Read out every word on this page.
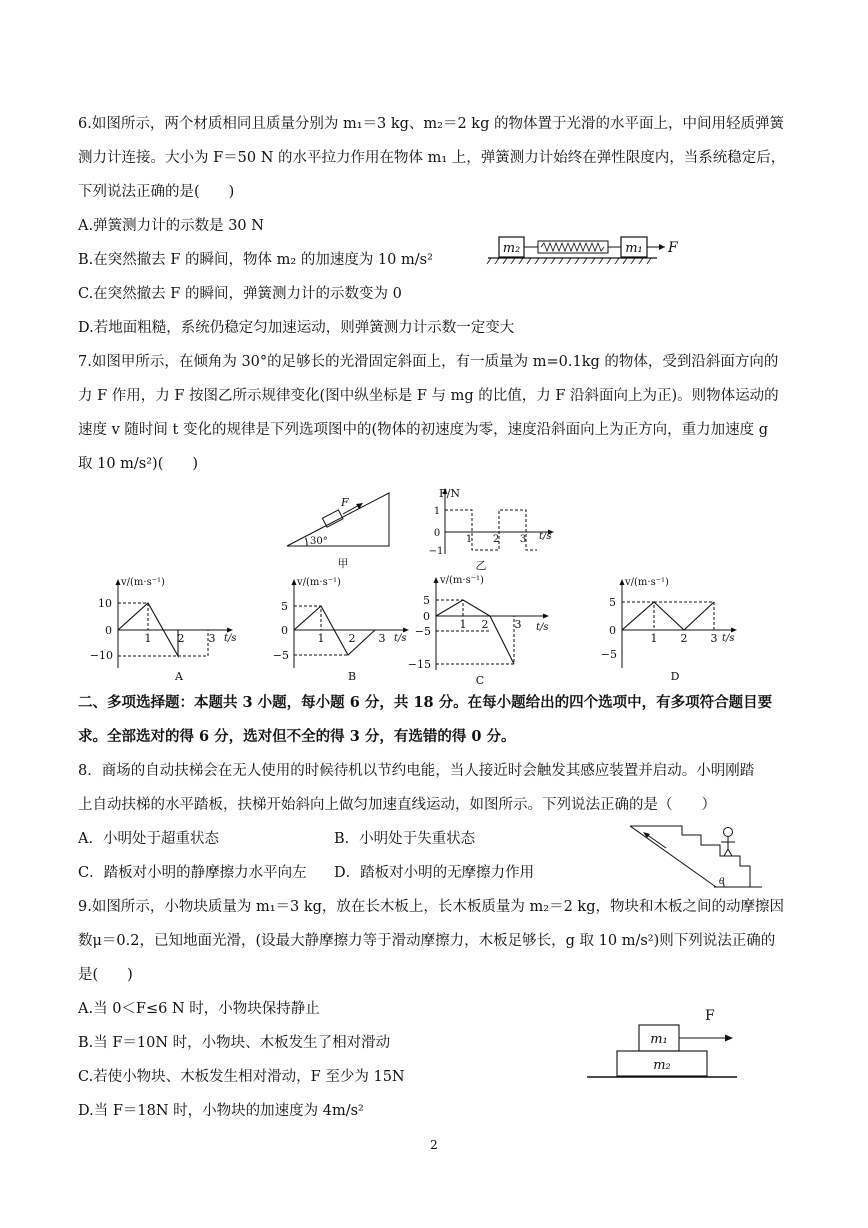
6.如图所示，两个材质相同且质量分别为 m₁＝3 kg、m₂＝2 kg 的物体置于光滑的水平面上，中间用轻质弹簧
测力计连接。大小为 F＝50 N 的水平拉力作用在物体 m₁ 上，弹簧测力计始终在弹性限度内，当系统稳定后，
下列说法正确的是(　　)
A.弹簧测力计的示数是 30 N
B.在突然撤去 F 的瞬间，物体 m₂ 的加速度为 10 m/s²
C.在突然撤去 F 的瞬间，弹簧测力计的示数变为 0
D.若地面粗糙，系统仍稳定匀加速运动，则弹簧测力计示数一定变大
m₂	m₁ F
7.如图甲所示，在倾角为 30°的足够长的光滑固定斜面上，有一质量为 m=0.1kg 的物体，受到沿斜面方向的
力 F 作用，力 F 按图乙所示规律变化(图中纵坐标是 F 与 mg 的比值，力 F 沿斜面向上为正)。则物体运动的
速度 v 随时间 t 变化的规律是下列选项图中的(物体的初速度为零，速度沿斜面向上为正方向，重力加速度 g
取 10 m/s²)(　　)
F
30°
甲
F/N
1
0
−1
1 2 3 t/s
乙
v/(m·s⁻¹)
10
0
−10
1 2 3 t/s
A
v/(m·s⁻¹)
5
0
−5
1 2 3 t/s
B
v/(m·s⁻¹)
5
0
−5
−15
1 2 3 t/s
C
v/(m·s⁻¹)
5
0
−5
1 2 3 t/s
D
二、多项选择题：本题共 3 小题，每小题 6 分，共 18 分。在每小题给出的四个选项中，有多项符合题目要
求。全部选对的得 6 分，选对但不全的得 3 分，有选错的得 0 分。
8．商场的自动扶梯会在无人使用的时候待机以节约电能，当人接近时会触发其感应装置并启动。小明刚踏
上自动扶梯的水平踏板，扶梯开始斜向上做匀加速直线运动，如图所示。下列说法正确的是（　　）
A．小明处于超重状态	B．小明处于失重状态
C．踏板对小明的静摩擦力水平向左 D．踏板对小明的无摩擦力作用
θ
9.如图所示，小物块质量为 m₁＝3 kg，放在长木板上，长木板质量为 m₂＝2 kg，物块和木板之间的动摩擦因
数μ＝0.2，已知地面光滑，(设最大静摩擦力等于滑动摩擦力，木板足够长，g 取 10 m/s²)则下列说法正确的
是(　　)
A.当 0＜F≤6 N 时，小物块保持静止
B.当 F＝10N 时，小物块、木板发生了相对滑动
C.若使小物块、木板发生相对滑动，F 至少为 15N
D.当 F＝18N 时，小物块的加速度为 4m/s²
F
m₁
m₂
2
